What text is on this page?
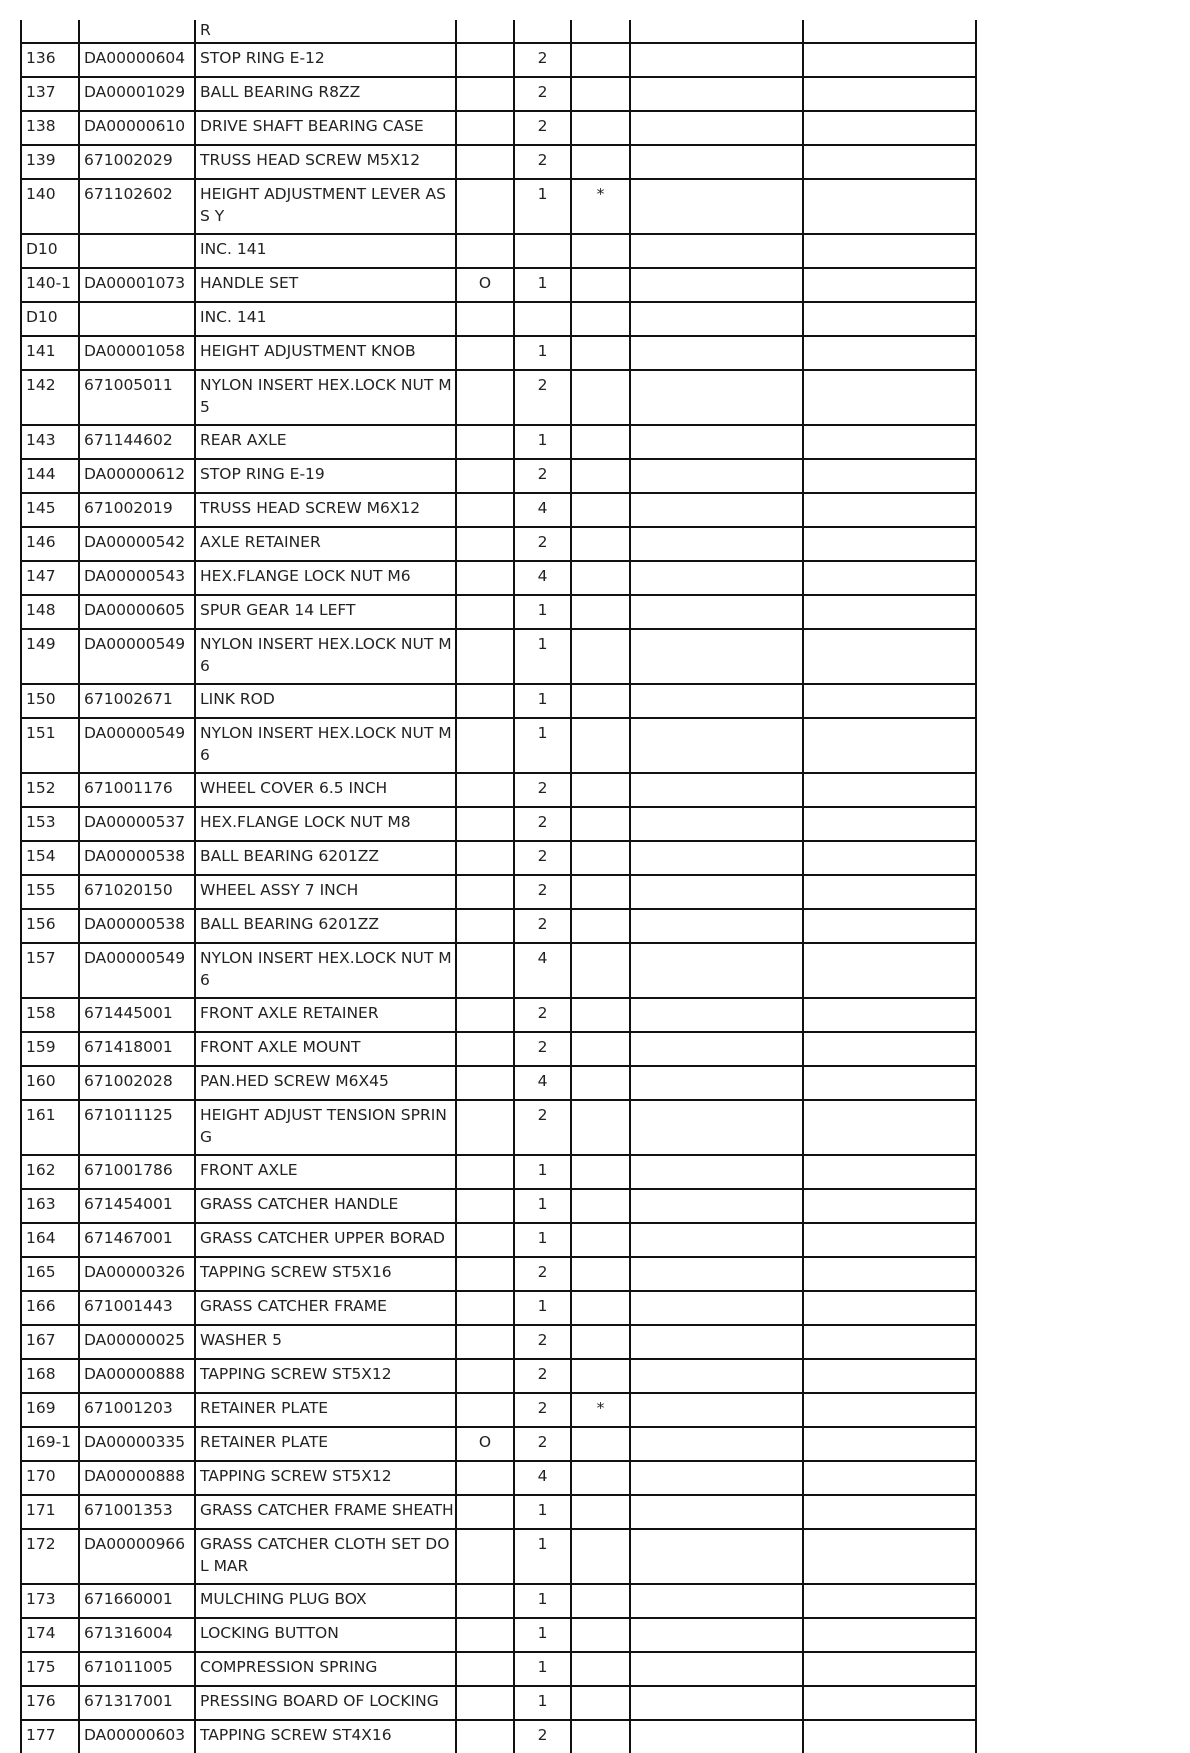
		R					
136	DA00000604	STOP RING E-12		2			
137	DA00001029	BALL BEARING R8ZZ		2			
138	DA00000610	DRIVE SHAFT BEARING CASE		2			
139	671002029	TRUSS HEAD SCREW M5X12		2			
140	671102602	HEIGHT ADJUSTMENT LEVER ASS Y		1	*		
D10		INC. 141					
140-1	DA00001073	HANDLE SET	O	1			
D10		INC. 141					
141	DA00001058	HEIGHT ADJUSTMENT KNOB		1			
142	671005011	NYLON INSERT HEX.LOCK NUT M 5		2			
143	671144602	REAR AXLE		1			
144	DA00000612	STOP RING E-19		2			
145	671002019	TRUSS HEAD SCREW M6X12		4			
146	DA00000542	AXLE RETAINER		2			
147	DA00000543	HEX.FLANGE LOCK NUT M6		4			
148	DA00000605	SPUR GEAR 14 LEFT		1			
149	DA00000549	NYLON INSERT HEX.LOCK NUT M 6		1			
150	671002671	LINK ROD		1			
151	DA00000549	NYLON INSERT HEX.LOCK NUT M 6		1			
152	671001176	WHEEL COVER 6.5 INCH		2			
153	DA00000537	HEX.FLANGE LOCK NUT M8		2			
154	DA00000538	BALL BEARING 6201ZZ		2			
155	671020150	WHEEL ASSY 7 INCH		2			
156	DA00000538	BALL BEARING 6201ZZ		2			
157	DA00000549	NYLON INSERT HEX.LOCK NUT M 6		4			
158	671445001	FRONT AXLE RETAINER		2			
159	671418001	FRONT AXLE MOUNT		2			
160	671002028	PAN.HED SCREW M6X45		4			
161	671011125	HEIGHT ADJUST TENSION SPRIN G		2			
162	671001786	FRONT AXLE		1			
163	671454001	GRASS CATCHER HANDLE		1			
164	671467001	GRASS CATCHER UPPER BORAD		1			
165	DA00000326	TAPPING SCREW ST5X16		2			
166	671001443	GRASS CATCHER FRAME		1			
167	DA00000025	WASHER 5		2			
168	DA00000888	TAPPING SCREW ST5X12		2			
169	671001203	RETAINER PLATE		2	*		
169-1	DA00000335	RETAINER PLATE	O	2			
170	DA00000888	TAPPING SCREW ST5X12		4			
171	671001353	GRASS CATCHER FRAME SHEATH		1			
172	DA00000966	GRASS CATCHER CLOTH SET DOL MAR		1			
173	671660001	MULCHING PLUG BOX		1			
174	671316004	LOCKING BUTTON		1			
175	671011005	COMPRESSION SPRING		1			
176	671317001	PRESSING BOARD OF LOCKING		1			
177	DA00000603	TAPPING SCREW ST4X16		2			
